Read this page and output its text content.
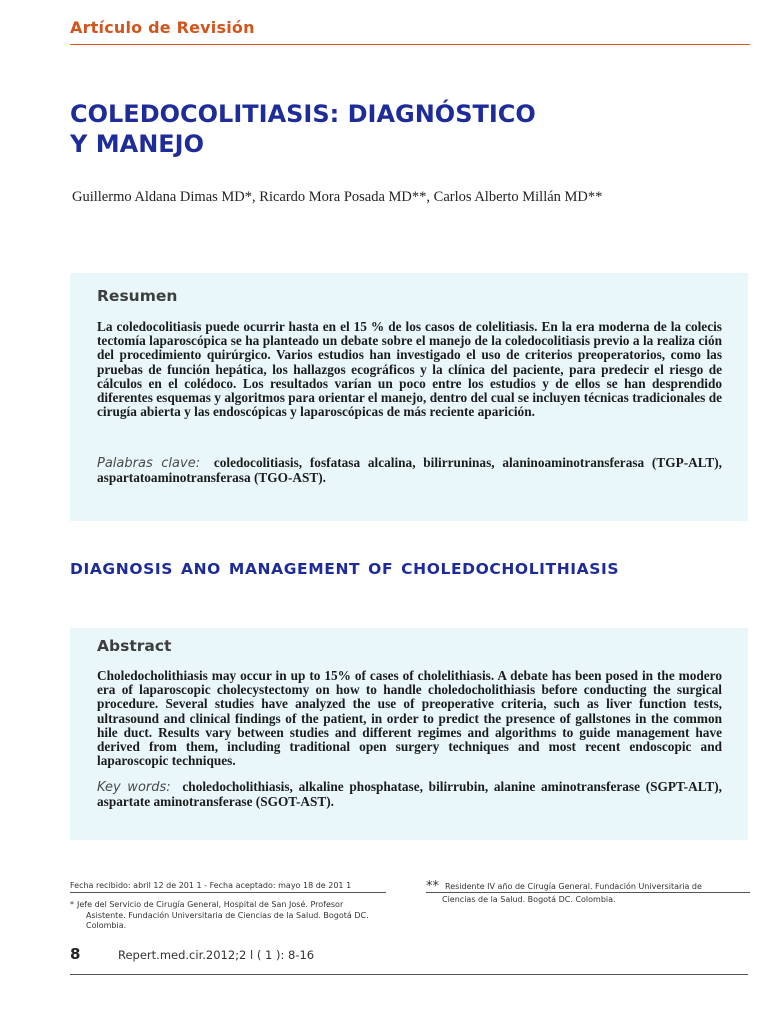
Artículo de Revisión
COLEDOCOLITIASIS: DIAGNÓSTICO
Y MANEJO
Guillermo Aldana Dimas MD*, Ricardo Mora Posada MD**, Carlos Alberto Millán MD**
Resumen

La coledocolitiasis puede ocurrir hasta en el 15 % de los casos de colelitiasis. En la era moderna de la colecis tectomía laparoscópica se ha planteado un debate sobre el manejo de la coledocolitiasis previo a la realiza ción del procedimiento quirúrgico. Varios estudios han investigado el uso de criterios preoperatorios, como las pruebas de función hepática, los hallazgos ecográficos y la clínica del paciente, para predecir el riesgo de cálculos en el colédoco. Los resultados varían un poco entre los estudios y de ellos se han desprendido diferentes esquemas y algoritmos para orientar el manejo, dentro del cual se incluyen técnicas tradicionales de cirugía abierta y las endoscópicas y laparoscópicas de más reciente aparición.

Palabras clave: coledocolitiasis, fosfatasa alcalina, bilirruninas, alaninoaminotransferasa (TGP-ALT), aspartatoaminotransferasa (TGO-AST).

DIAGNOSIS ANO MANAGEMENT OF CHOLEDOCHOLITHIASIS
Abstract

Choledocholithiasis may occur in up to 15% of cases of cholelithiasis. A debate has been posed in the modero era of laparoscopic cholecystectomy on how to handle choledocholithiasis before conducting the surgical procedure. Several studies have analyzed the use of preoperative criteria, such as liver function tests, ultrasound and clinical findings of the patient, in order to predict the presence of gallstones in the common hile duct. Results vary between studies and different regimes and algorithms to guide management have derived from them, including traditional open surgery techniques and most recent endoscopic and laparoscopic techniques.

Key words: choledocholithiasis, alkaline phosphatase, bilirrubin, alanine aminotransferase (SGPT-ALT), aspartate aminotransferase (SGOT-AST).

Fecha recibido: abril 12 de 201 1 - Fecha aceptado: mayo 18 de 201 1
* Jefe del Servicio de Cirugía General, Hospital de San José. Profesor
Asistente. Fundación Universitaria de Ciencias de la Salud. Bogotá DC. Colombia.
** Residente IV año de Cirugía General. Fundación Universitaria de
Ciencias de la Salud. Bogotá DC. Colombia.
8	Repert.med.cir.2012;2 l ( 1 ): 8-16
